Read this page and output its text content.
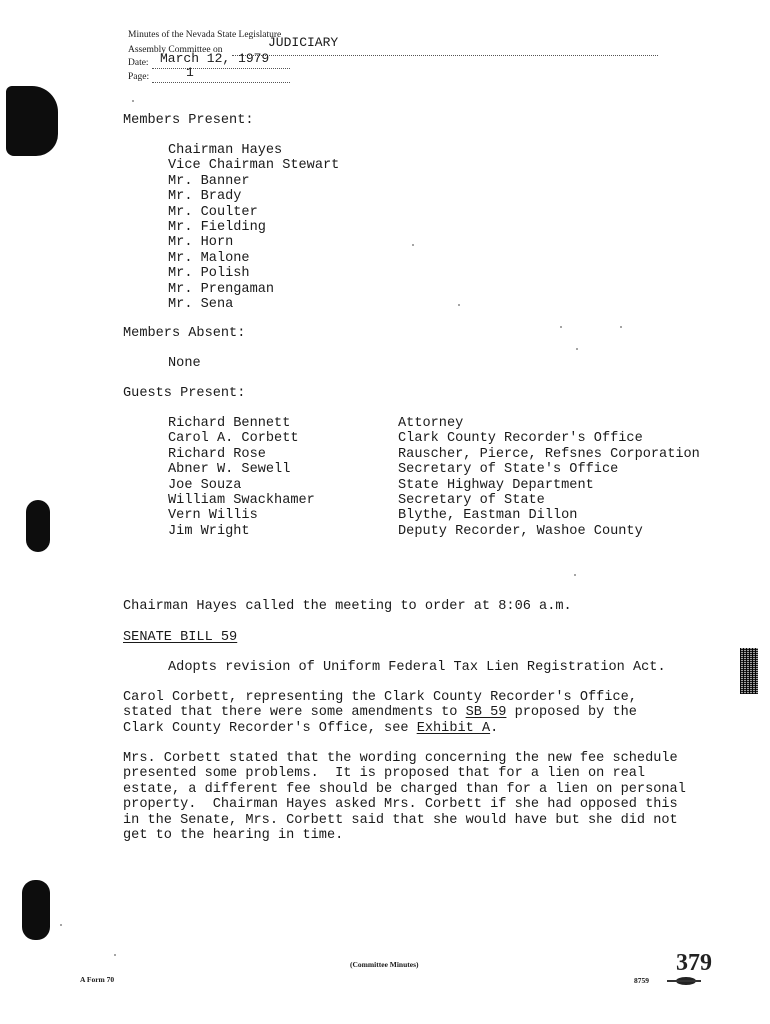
Minutes of the Nevada State Legislature
Assembly Committee on	JUDICIARY
Date: March 12, 1979
Page:	1
Members Present:
Chairman Hayes
Vice Chairman Stewart
Mr. Banner
Mr. Brady
Mr. Coulter
Mr. Fielding
Mr. Horn
Mr. Malone
Mr. Polish
Mr. Prengaman
Mr. Sena
Members Absent:
None
Guests Present:
Richard Bennett	Attorney
Carol A. Corbett	Clark County Recorder's Office
Richard Rose	Rauscher, Pierce, Refsnes Corporation
Abner W. Sewell	Secretary of State's Office
Joe Souza	State Highway Department
William Swackhamer	Secretary of State
Vern Willis	Blythe, Eastman Dillon
Jim Wright	Deputy Recorder, Washoe County
Chairman Hayes called the meeting to order at 8:06 a.m.
SENATE BILL 59
Adopts revision of Uniform Federal Tax Lien Registration Act.
Carol Corbett, representing the Clark County Recorder's Office,
stated that there were some amendments to SB 59 proposed by the
Clark County Recorder's Office, see Exhibit A.
Mrs. Corbett stated that the wording concerning the new fee schedule
presented some problems.  It is proposed that for a lien on real
estate, a different fee should be charged than for a lien on personal
property.  Chairman Hayes asked Mrs. Corbett if she had opposed this
in the Senate, Mrs. Corbett said that she would have but she did not
get to the hearing in time.
A Form 70
(Committee Minutes)
8759
379
